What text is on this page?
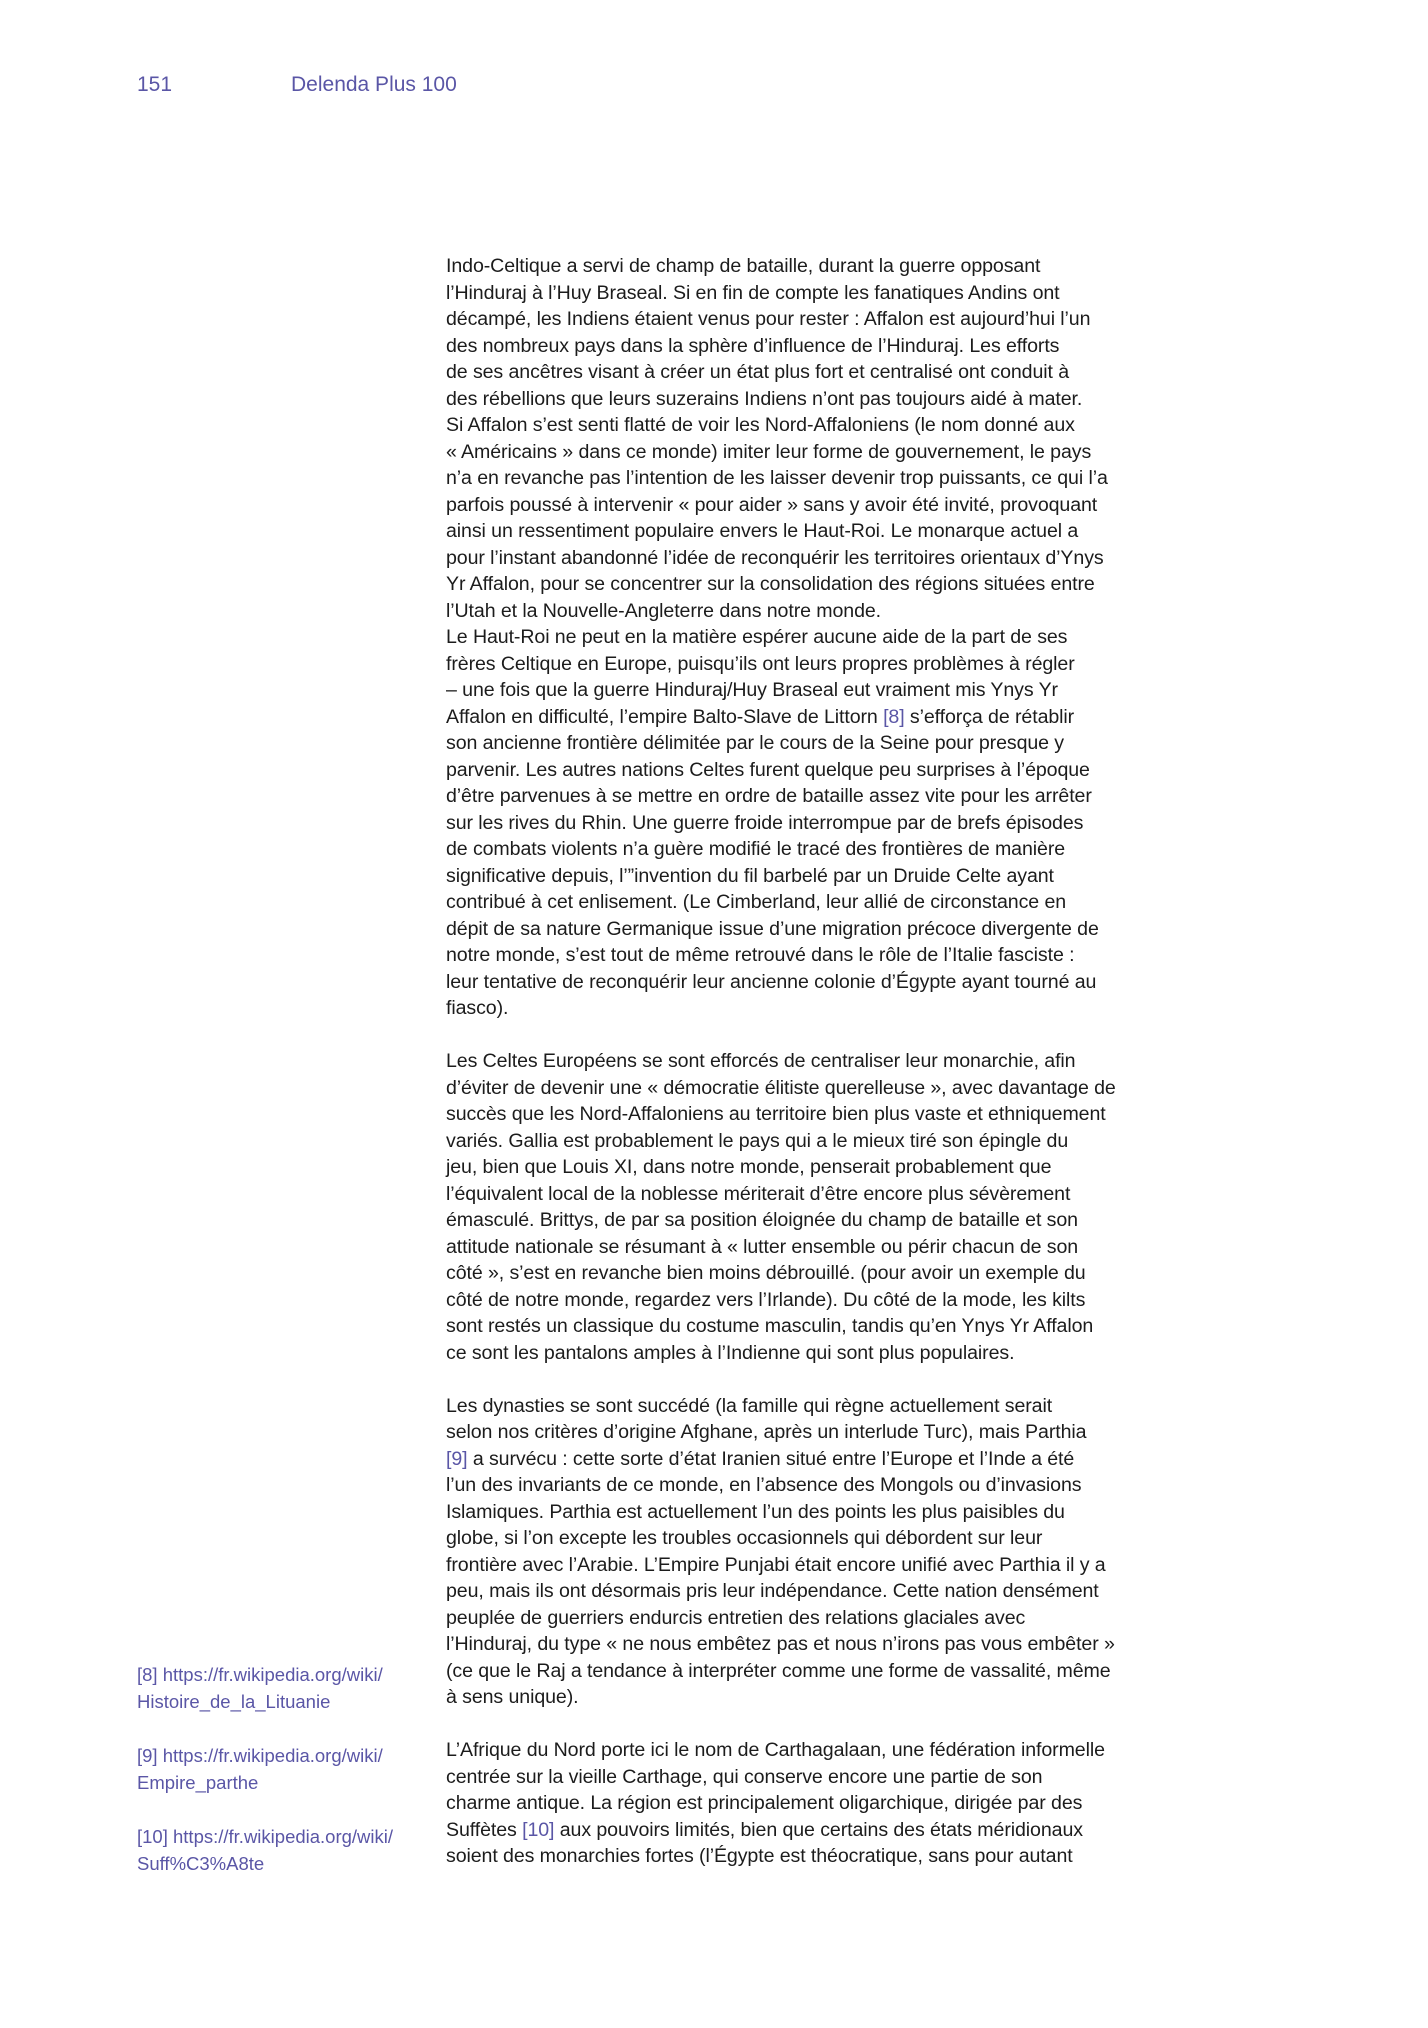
151	Delenda Plus 100

Indo-Celtique a servi de champ de bataille, durant la guerre opposant
l’Hinduraj à l’Huy Braseal. Si en fin de compte les fanatiques Andins ont
décampé, les Indiens étaient venus pour rester : Affalon est aujourd’hui l’un
des nombreux pays dans la sphère d’influence de l’Hinduraj. Les efforts
de ses ancêtres visant à créer un état plus fort et centralisé ont conduit à
des rébellions que leurs suzerains Indiens n’ont pas toujours aidé à mater.
Si Affalon s’est senti flatté de voir les Nord-Affaloniens (le nom donné aux
« Américains » dans ce monde) imiter leur forme de gouvernement, le pays
n’a en revanche pas l’intention de les laisser devenir trop puissants, ce qui l’a
parfois poussé à intervenir « pour aider » sans y avoir été invité, provoquant
ainsi un ressentiment populaire envers le Haut-Roi. Le monarque actuel a
pour l’instant abandonné l’idée de reconquérir les territoires orientaux d’Ynys
Yr Affalon, pour se concentrer sur la consolidation des régions situées entre
l’Utah et la Nouvelle-Angleterre dans notre monde.

Le Haut-Roi ne peut en la matière espérer aucune aide de la part de ses
frères Celtique en Europe, puisqu’ils ont leurs propres problèmes à régler
– une fois que la guerre Hinduraj/Huy Braseal eut vraiment mis Ynys Yr
Affalon en difficulté, l’empire Balto-Slave de Littorn [8] s’efforça de rétablir
son ancienne frontière délimitée par le cours de la Seine pour presque y
parvenir. Les autres nations Celtes furent quelque peu surprises à l’époque
d’être parvenues à se mettre en ordre de bataille assez vite pour les arrêter
sur les rives du Rhin. Une guerre froide interrompue par de brefs épisodes
de combats violents n’a guère modifié le tracé des frontières de manière
significative depuis, l’”invention du fil barbelé par un Druide Celte ayant
contribué à cet enlisement. (Le Cimberland, leur allié de circonstance en
dépit de sa nature Germanique issue d’une migration précoce divergente de
notre monde, s’est tout de même retrouvé dans le rôle de l’Italie fasciste :
leur tentative de reconquérir leur ancienne colonie d’Égypte ayant tourné au
fiasco).

Les Celtes Européens se sont efforcés de centraliser leur monarchie, afin
d’éviter de devenir une « démocratie élitiste querelleuse », avec davantage de
succès que les Nord-Affaloniens au territoire bien plus vaste et ethniquement
variés. Gallia est probablement le pays qui a le mieux tiré son épingle du
jeu, bien que Louis XI, dans notre monde, penserait probablement que
l’équivalent local de la noblesse mériterait d’être encore plus sévèrement
émasculé. Brittys, de par sa position éloignée du champ de bataille et son
attitude nationale se résumant à « lutter ensemble ou périr chacun de son
côté », s’est en revanche bien moins débrouillé. (pour avoir un exemple du
côté de notre monde, regardez vers l’Irlande). Du côté de la mode, les kilts
sont restés un classique du costume masculin, tandis qu’en Ynys Yr Affalon
ce sont les pantalons amples à l’Indienne qui sont plus populaires.

Les dynasties se sont succédé (la famille qui règne actuellement serait
selon nos critères d’origine Afghane, après un interlude Turc), mais Parthia
[9] a survécu : cette sorte d’état Iranien situé entre l’Europe et l’Inde a été
l’un des invariants de ce monde, en l’absence des Mongols ou d’invasions
Islamiques. Parthia est actuellement l’un des points les plus paisibles du
globe, si l’on excepte les troubles occasionnels qui débordent sur leur
frontière avec l’Arabie. L’Empire Punjabi était encore unifié avec Parthia il y a
peu, mais ils ont désormais pris leur indépendance. Cette nation densément
peuplée de guerriers endurcis entretien des relations glaciales avec
l’Hinduraj, du type « ne nous embêtez pas et nous n’irons pas vous embêter »
(ce que le Raj a tendance à interpréter comme une forme de vassalité, même
à sens unique).

L’Afrique du Nord porte ici le nom de Carthagalaan, une fédération informelle
centrée sur la vieille Carthage, qui conserve encore une partie de son
charme antique. La région est principalement oligarchique, dirigée par des
Suffètes [10] aux pouvoirs limités, bien que certains des états méridionaux
soient des monarchies fortes (l’Égypte est théocratique, sans pour autant

[8] https://fr.wikipedia.org/wiki/
Histoire_de_la_Lituanie

[9] https://fr.wikipedia.org/wiki/
Empire_parthe

[10] https://fr.wikipedia.org/wiki/
Suff%C3%A8te
